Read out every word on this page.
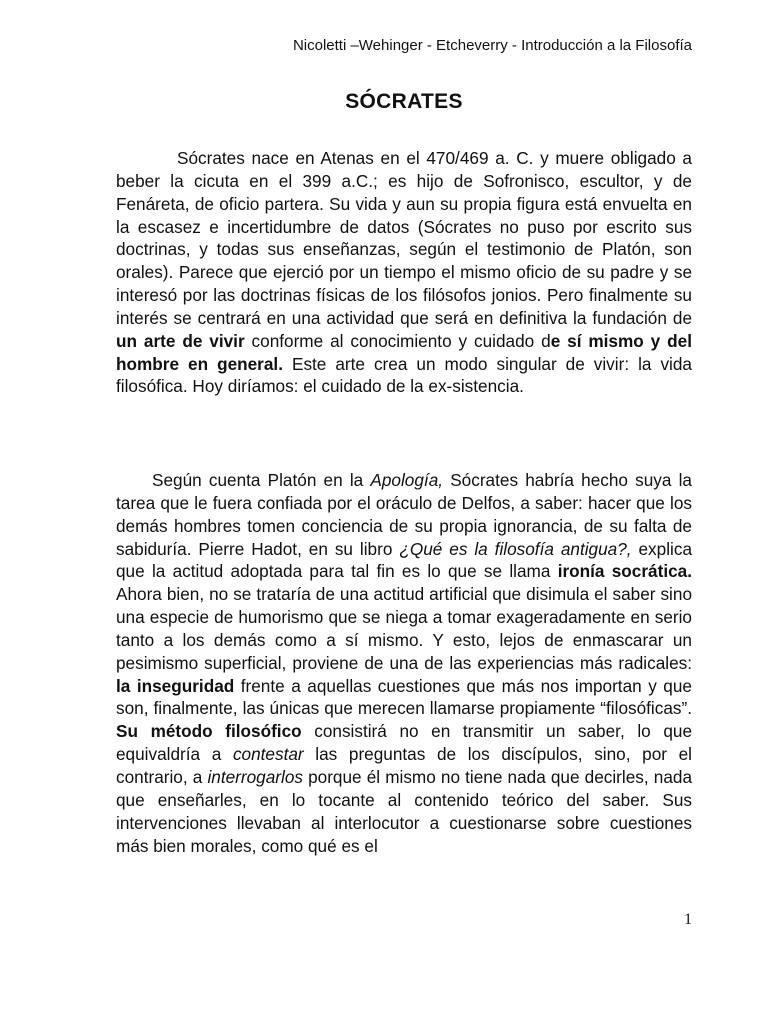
Nicoletti –Wehinger - Etcheverry - Introducción a la Filosofía
SÓCRATES

Sócrates nace en Atenas en el 470/469 a. C. y muere obligado a beber la cicuta en el 399 a.C.; es hijo de Sofronisco, escultor, y de Fenáreta, de oficio partera. Su vida y aun su propia figura está envuelta en la escasez e incertidumbre de datos (Sócrates no puso por escrito sus doctrinas, y todas sus enseñanzas, según el testimonio de Platón, son orales). Parece que ejerció por un tiempo el mismo oficio de su padre y se interesó por las doctrinas físicas de los filósofos jonios. Pero finalmente su interés se centrará en una actividad que será en definitiva la fundación de un arte de vivir conforme al conocimiento y cuidado de sí mismo y del hombre en general. Este arte crea un modo singular de vivir: la vida filosófica. Hoy diríamos: el cuidado de la ex-sistencia.

Según cuenta Platón en la Apología, Sócrates habría hecho suya la tarea que le fuera confiada por el oráculo de Delfos, a saber: hacer que los demás hombres tomen conciencia de su propia ignorancia, de su falta de sabiduría. Pierre Hadot, en su libro ¿Qué es la filosofía antigua?, explica que la actitud adoptada para tal fin es lo que se llama ironía socrática. Ahora bien, no se trataría de una actitud artificial que disimula el saber sino una especie de humorismo que se niega a tomar exageradamente en serio tanto a los demás como a sí mismo. Y esto, lejos de enmascarar un pesimismo superficial, proviene de una de las experiencias más radicales: la inseguridad frente a aquellas cuestiones que más nos importan y que son, finalmente, las únicas que merecen llamarse propiamente “filosóficas”. Su método filosófico consistirá no en transmitir un saber, lo que equivaldría a contestar las preguntas de los discípulos, sino, por el contrario, a interrogarlos porque él mismo no tiene nada que decirles, nada que enseñarles, en lo tocante al contenido teórico del saber. Sus intervenciones llevaban al interlocutor a cuestionarse sobre cuestiones más bien morales, como qué es el

1
